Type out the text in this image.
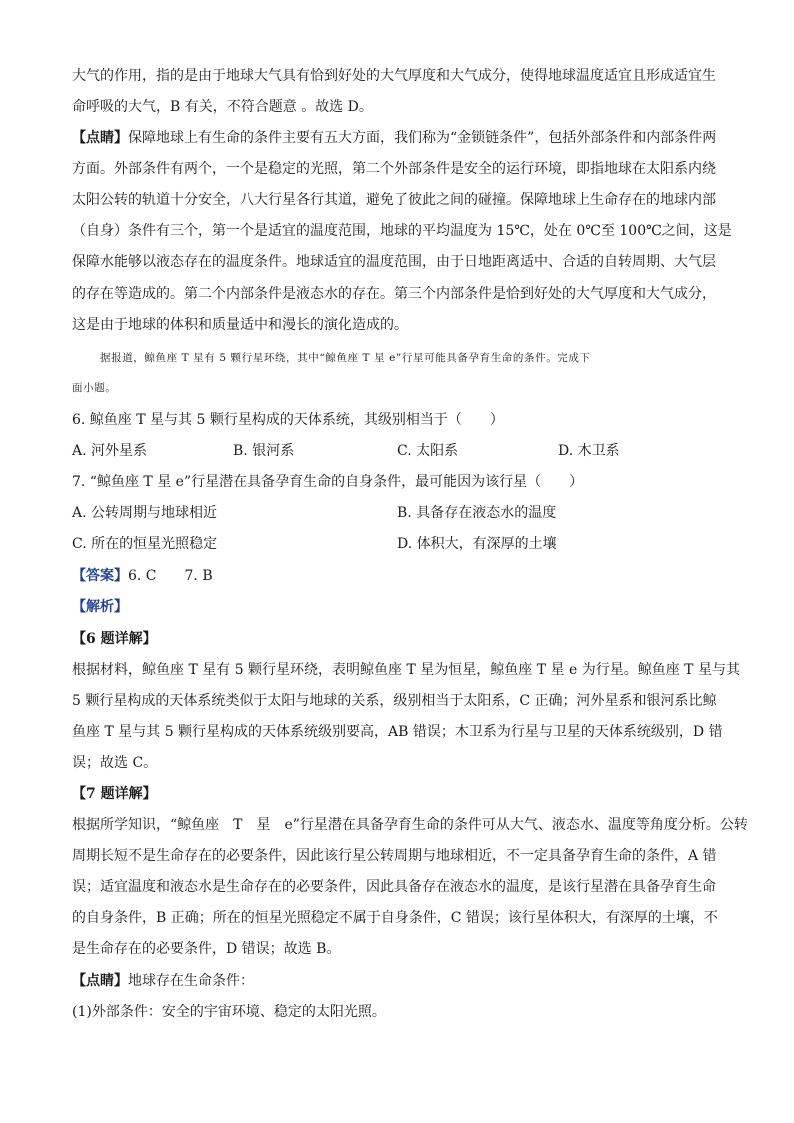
大气的作用，指的是由于地球大气具有恰到好处的大气厚度和大气成分，使得地球温度适宜且形成适宜生
命呼吸的大气，B 有关，不符合题意 。故选 D。
【点睛】保障地球上有生命的条件主要有五大方面，我们称为“金锁链条件”，包括外部条件和内部条件两
方面。外部条件有两个，一个是稳定的光照，第二个外部条件是安全的运行环境，即指地球在太阳系内绕
太阳公转的轨道十分安全，八大行星各行其道，避免了彼此之间的碰撞。保障地球上生命存在的地球内部
（自身）条件有三个，第一个是适宜的温度范围，地球的平均温度为 15℃，处在 0℃至 100℃之间，这是
保障水能够以液态存在的温度条件。地球适宜的温度范围，由于日地距离适中、合适的自转周期、大气层
的存在等造成的。第二个内部条件是液态水的存在。第三个内部条件是恰到好处的大气厚度和大气成分，
这是由于地球的体积和质量适中和漫长的演化造成的。
据报道，鲸鱼座 T 星有 5 颗行星环绕，其中“鲸鱼座 T 星 e”行星可能具备孕育生命的条件。完成下
面小题。
6. 鲸鱼座 T 星与其 5 颗行星构成的天体系统，其级别相当于（　　）
A. 河外星系	B. 银河系	C. 太阳系	D. 木卫系
7. “鲸鱼座 T 星 e”行星潜在具备孕育生命的自身条件，最可能因为该行星（　　）
A. 公转周期与地球相近	B. 具备存在液态水的温度
C. 所在的恒星光照稳定	D. 体积大，有深厚的土壤
【答案】6. C　　7. B
【解析】
【6 题详解】
根据材料，鲸鱼座 T 星有 5 颗行星环绕，表明鲸鱼座 T 星为恒星，鲸鱼座 T 星 e 为行星。鲸鱼座 T 星与其
5 颗行星构成的天体系统类似于太阳与地球的关系，级别相当于太阳系，C 正确；河外星系和银河系比鲸
鱼座 T 星与其 5 颗行星构成的天体系统级别要高，AB 错误；木卫系为行星与卫星的天体系统级别，D 错
误；故选 C。
【7 题详解】
根据所学知识，“鲸鱼座　T　星　e”行星潜在具备孕育生命的条件可从大气、液态水、温度等角度分析。公转
周期长短不是生命存在的必要条件，因此该行星公转周期与地球相近，不一定具备孕育生命的条件，A 错
误；适宜温度和液态水是生命存在的必要条件，因此具备存在液态水的温度，是该行星潜在具备孕育生命
的自身条件，B 正确；所在的恒星光照稳定不属于自身条件，C 错误；该行星体积大，有深厚的土壤，不
是生命存在的必要条件，D 错误；故选 B。
【点睛】地球存在生命条件：
(1)外部条件：安全的宇宙环境、稳定的太阳光照。
